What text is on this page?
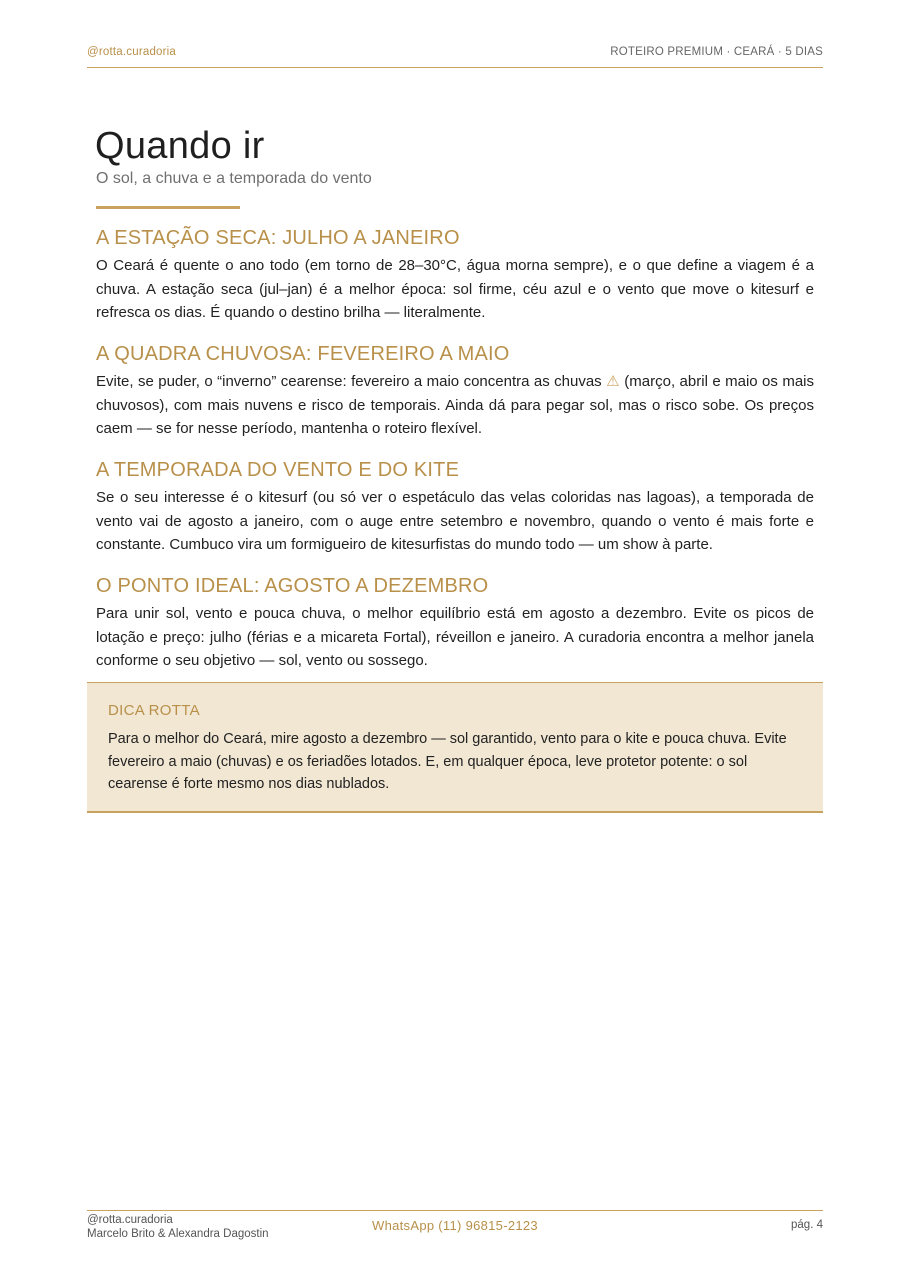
@rotta.curadoria	ROTEIRO PREMIUM · CEARÁ · 5 DIAS
Quando ir

O sol, a chuva e a temporada do vento

A ESTAÇÃO SECA: JULHO A JANEIRO

O Ceará é quente o ano todo (em torno de 28–30°C, água morna sempre), e o que define a viagem é a chuva. A estação seca (jul–jan) é a melhor época: sol firme, céu azul e o vento que move o kitesurf e refresca os dias. É quando o destino brilha — literalmente.

A QUADRA CHUVOSA: FEVEREIRO A MAIO

Evite, se puder, o “inverno” cearense: fevereiro a maio concentra as chuvas ⚠ (março, abril e maio os mais chuvosos), com mais nuvens e risco de temporais. Ainda dá para pegar sol, mas o risco sobe. Os preços caem — se for nesse período, mantenha o roteiro flexível.

A TEMPORADA DO VENTO E DO KITE

Se o seu interesse é o kitesurf (ou só ver o espetáculo das velas coloridas nas lagoas), a temporada de vento vai de agosto a janeiro, com o auge entre setembro e novembro, quando o vento é mais forte e constante. Cumbuco vira um formigueiro de kitesurfistas do mundo todo — um show à parte.

O PONTO IDEAL: AGOSTO A DEZEMBRO

Para unir sol, vento e pouca chuva, o melhor equilíbrio está em agosto a dezembro. Evite os picos de lotação e preço: julho (férias e a micareta Fortal), réveillon e janeiro. A curadoria encontra a melhor janela conforme o seu objetivo — sol, vento ou sossego.

DICA ROTTA

Para o melhor do Ceará, mire agosto a dezembro — sol garantido, vento para o kite e pouca chuva. Evite fevereiro a maio (chuvas) e os feriadões lotados. E, em qualquer época, leve protetor potente: o sol cearense é forte mesmo nos dias nublados.

@rotta.curadoria
Marcelo Brito & Alexandra Dagostin
WhatsApp (11) 96815-2123	pág. 4
